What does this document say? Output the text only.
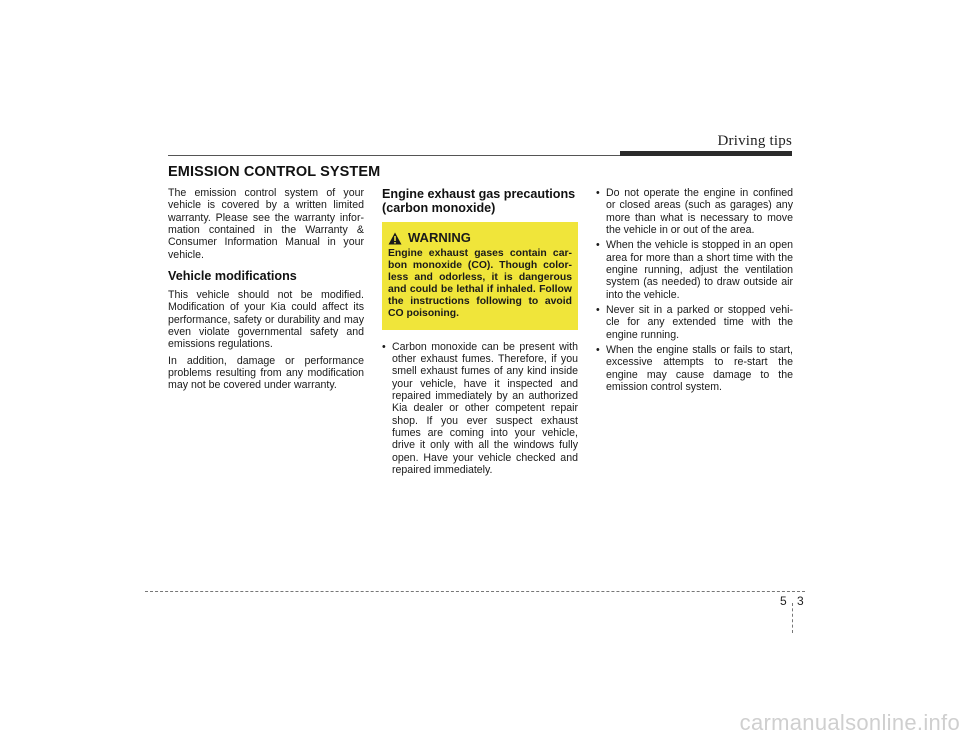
Driving tips
EMISSION CONTROL SYSTEM

The emission control system of your vehicle is covered by a written limited warranty. Please see the warranty infor-mation contained in the Warranty & Consumer Information Manual in your vehicle.

Vehicle modifications

This vehicle should not be modified. Modification of your Kia could affect its performance, safety or durability and may even violate governmental safety and emissions regulations.

In addition, damage or performance problems resulting from any modification may not be covered under warranty.

Engine exhaust gas precautions (carbon monoxide)
WARNING
Engine exhaust gases contain car-bon monoxide (CO). Though color-less and odorless, it is dangerous and could be lethal if inhaled. Follow the instructions following to avoid CO poisoning.
• Carbon monoxide can be present with other exhaust fumes. Therefore, if you smell exhaust fumes of any kind inside your vehicle, have it inspected and repaired immediately by an authorized Kia dealer or other competent repair shop. If you ever suspect exhaust fumes are coming into your vehicle, drive it only with all the windows fully open. Have your vehicle checked and repaired immediately.
• Do not operate the engine in confined or closed areas (such as garages) any more than what is necessary to move the vehicle in or out of the area.
• When the vehicle is stopped in an open area for more than a short time with the engine running, adjust the ventilation system (as needed) to draw outside air into the vehicle.
• Never sit in a parked or stopped vehi-cle for any extended time with the engine running.
• When the engine stalls or fails to start, excessive attempts to re-start the engine may cause damage to the emission control system.
5 3
carmanualsonline.info
